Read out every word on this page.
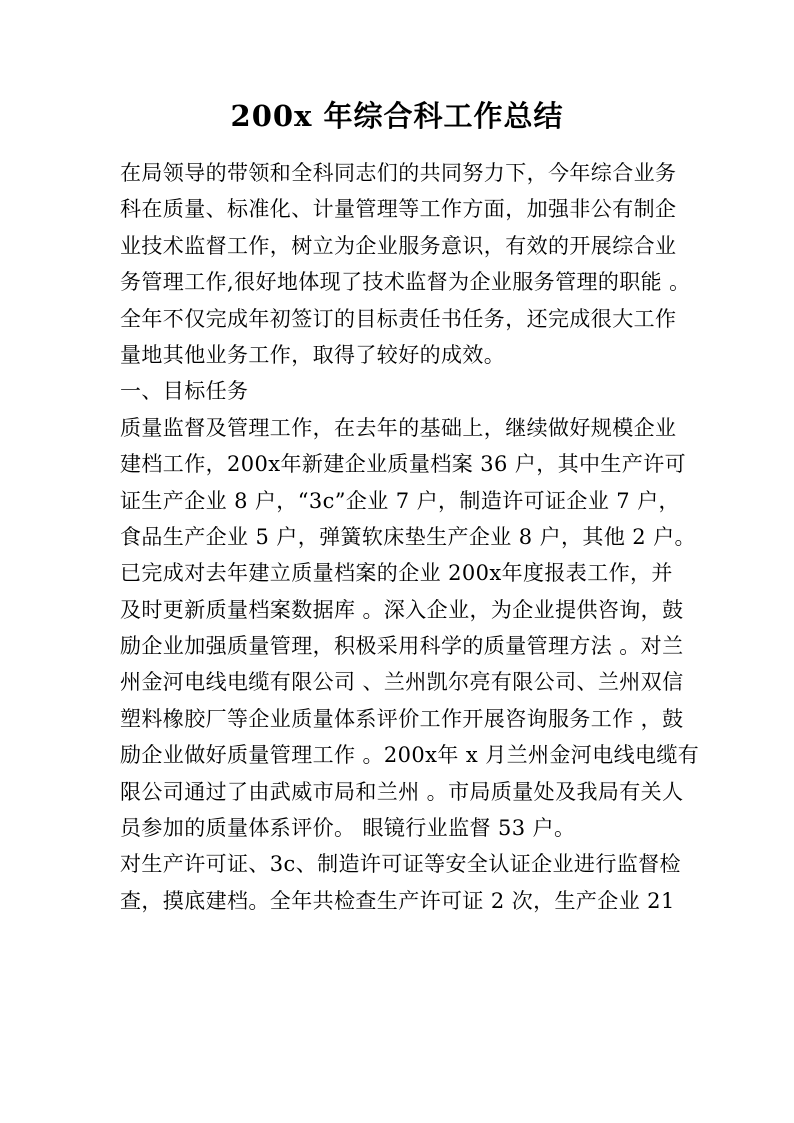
200x 年综合科工作总结
在局领导的带领和全科同志们的共同努力下，今年综合业务
科在质量、标准化、计量管理等工作方面，加强非公有制企
业技术监督工作，树立为企业服务意识，有效的开展综合业
务管理工作,很好地体现了技术监督为企业服务管理的职能 。
全年不仅完成年初签订的目标责任书任务，还完成很大工作
量地其他业务工作，取得了较好的成效。
一、目标任务
质量监督及管理工作，在去年的基础上，继续做好规模企业
建档工作，200x年新建企业质量档案 36 户，其中生产许可
证生产企业 8 户，“3c”企业 7 户，制造许可证企业 7 户，
食品生产企业 5 户，弹簧软床垫生产企业 8 户，其他 2 户。
已完成对去年建立质量档案的企业 200x年度报表工作，并
及时更新质量档案数据库 。深入企业，为企业提供咨询，鼓
励企业加强质量管理，积极采用科学的质量管理方法 。对兰
州金河电线电缆有限公司 、兰州凯尔亮有限公司、兰州双信
塑料橡胶厂等企业质量体系评价工作开展咨询服务工作 ，鼓
励企业做好质量管理工作 。200x年 x 月兰州金河电线电缆有
限公司通过了由武威市局和兰州 。市局质量处及我局有关人
员参加的质量体系评价。 眼镜行业监督 53 户。
对生产许可证、3c、制造许可证等安全认证企业进行监督检
查，摸底建档。全年共检查生产许可证 2 次，生产企业 21
